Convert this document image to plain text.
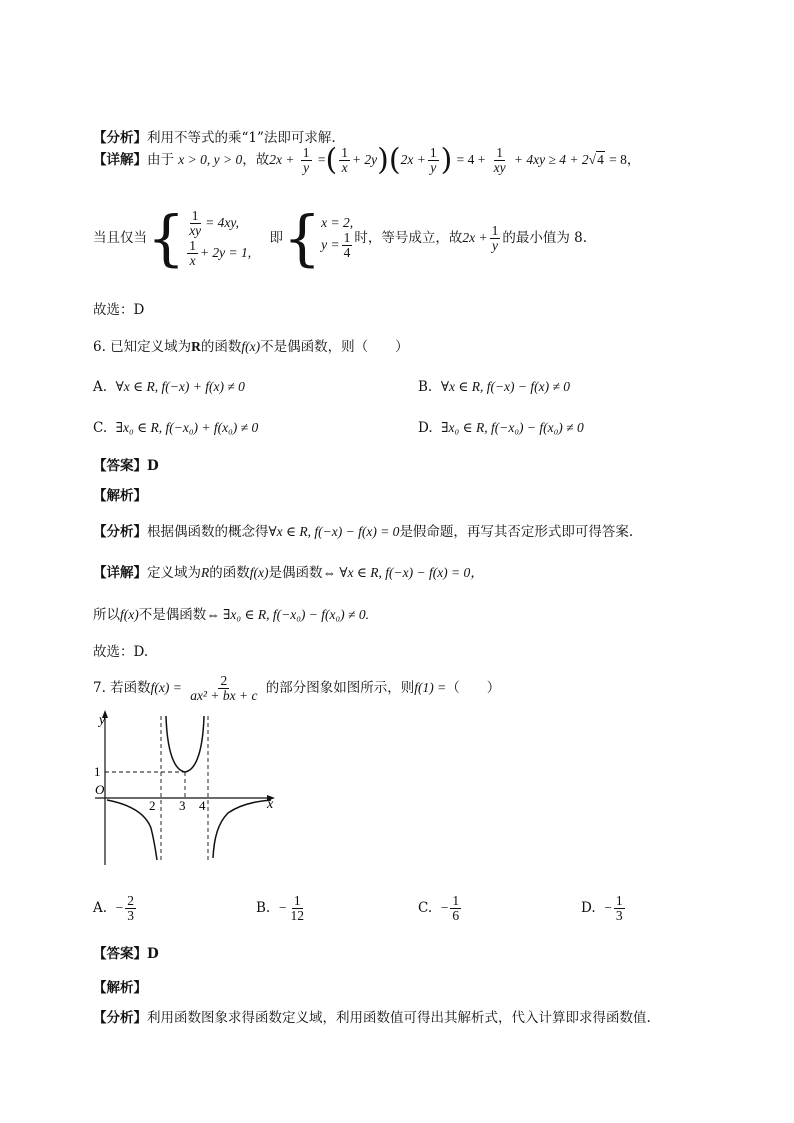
【分析】利用不等式的乘“1”法即可求解.
【详解】由于 x > 0, y > 0，故$2x + \frac{1}{y}$ =( $\frac{1}{x} + 2y)(2x + \frac{1}{y}$ ) = $4 + \frac{1}{xy} + 4xy \ge 4 + 2√4 = 8$，
当且仅当{ $\frac{1}{xy} = 4xy$,
$\frac{1}{x} + 2y = 1$,
即{ x = 2,
$y = \frac{1}{4}$ 时，等号成立，故$2x + \frac{1}{y}$ 的最小值为 8.
故选：D
6. 已知定义域为R的函数f(x)不是偶函数，则（　　）
A. ∀x ∈ R, f(−x) + f(x) ≠ 0	B. ∀x ∈ R, f(−x) − f(x) ≠ 0
C. ∃x₀ ∈ R, f(−x₀) + f(x₀) ≠ 0	D. ∃x₀ ∈ R, f(−x₀) − f(x₀) ≠ 0
【答案】D
【解析】
【分析】根据偶函数的概念得∀x ∈ R, f(−x) − f(x) = 0是假命题，再写其否定形式即可得答案.
【详解】定义域为R的函数f(x)是偶函数⇔ ∀x ∈ R, f(−x) − f(x) = 0，
所以f(x)不是偶函数⇔ ∃x₀ ∈ R, f(−x₀) − f(x₀) ≠ 0.
故选：D.
7. 若函数$f(x) = \frac{2}{\text{ax² + bx + c}}$ 的部分图象如图所示，则f(1) =（　　）
y
x
O
1
2 3 4
A. − $\frac{2}{3}$	B. − $\frac{1}{12}$	C. − $\frac{1}{6}$	D. − $\frac{1}{3}$
【答案】D
【解析】
【分析】利用函数图象求得函数定义域，利用函数值可得出其解析式，代入计算即求得函数值.
